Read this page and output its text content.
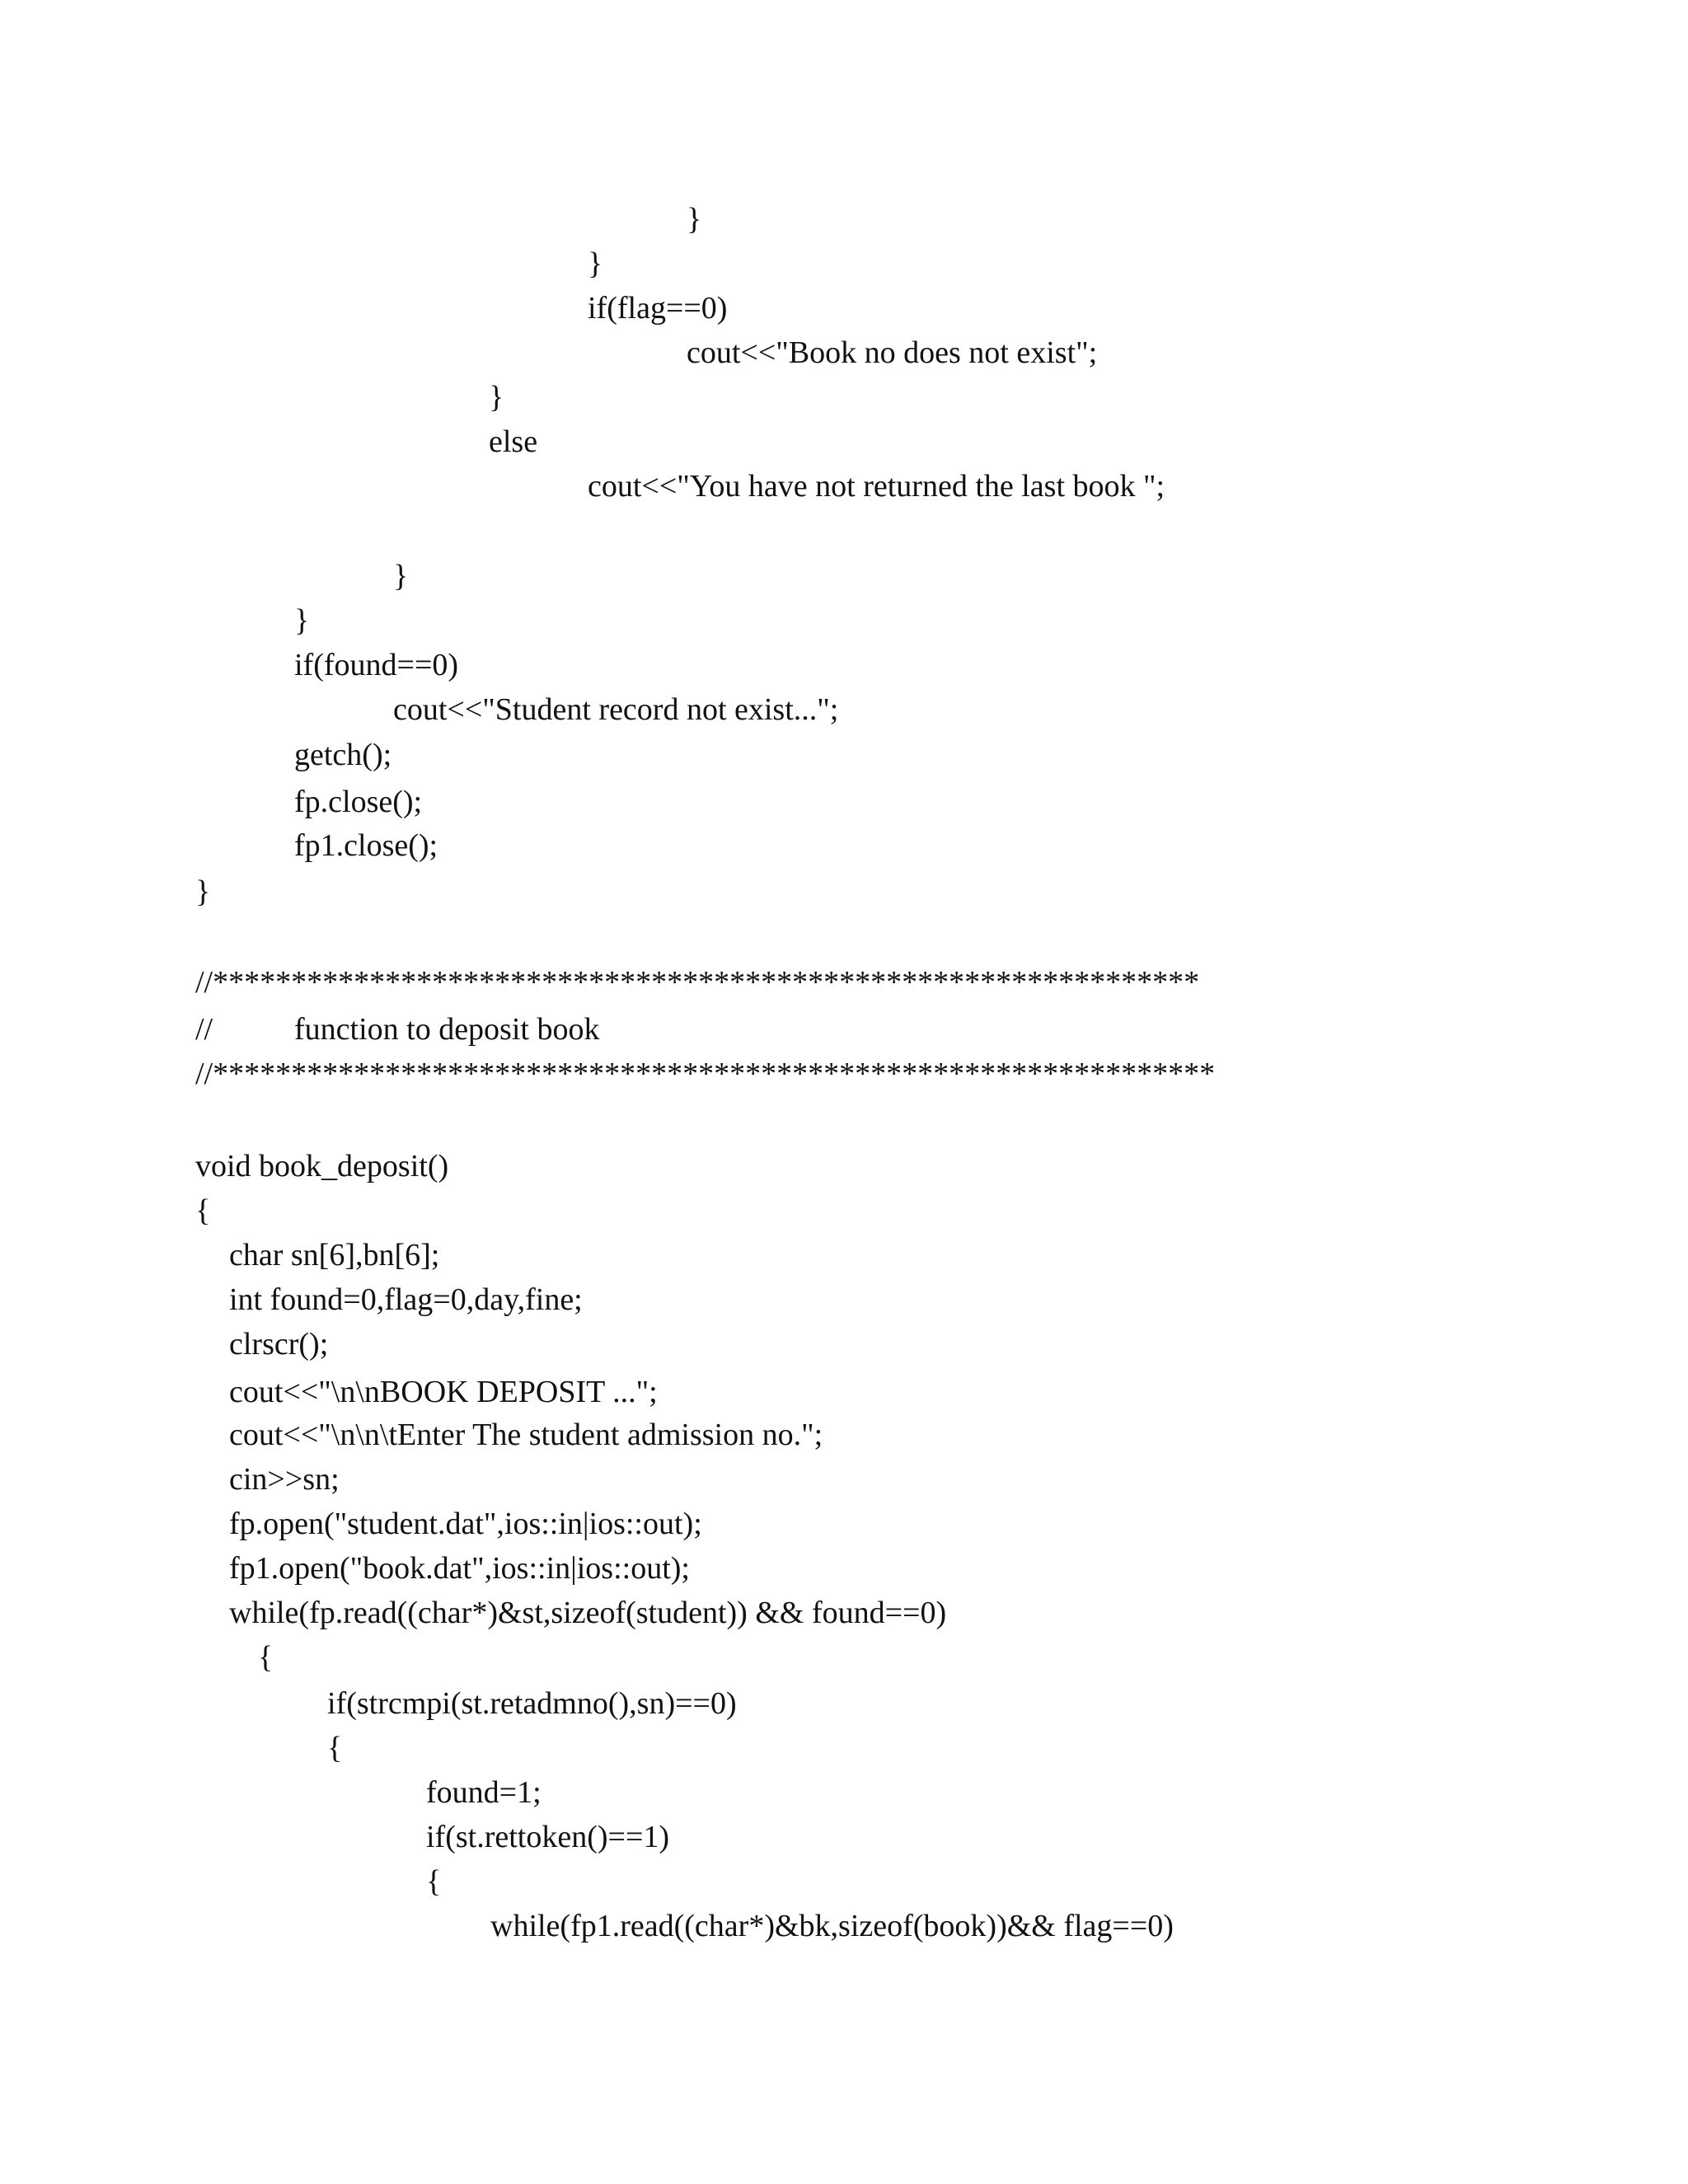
}
}
if(flag==0)
cout<<"Book no does not exist";
}
else
cout<<"You have not returned the last book ";
}
}
if(found==0)
cout<<"Student record not exist...";
getch();
fp.close();
fp1.close();
}
//***************************************************************
//	function to deposit book
//****************************************************************
void book_deposit()
{
char sn[6],bn[6];
int found=0,flag=0,day,fine;
clrscr();
cout<<"\n\nBOOK DEPOSIT ...";
cout<<"\n\n\tEnter The student admission no.";
cin>>sn;
fp.open("student.dat",ios::in|ios::out);
fp1.open("book.dat",ios::in|ios::out);
while(fp.read((char*)&st,sizeof(student)) && found==0)
{
if(strcmpi(st.retadmno(),sn)==0)
{
found=1;
if(st.rettoken()==1)
{
while(fp1.read((char*)&bk,sizeof(book))&& flag==0)
